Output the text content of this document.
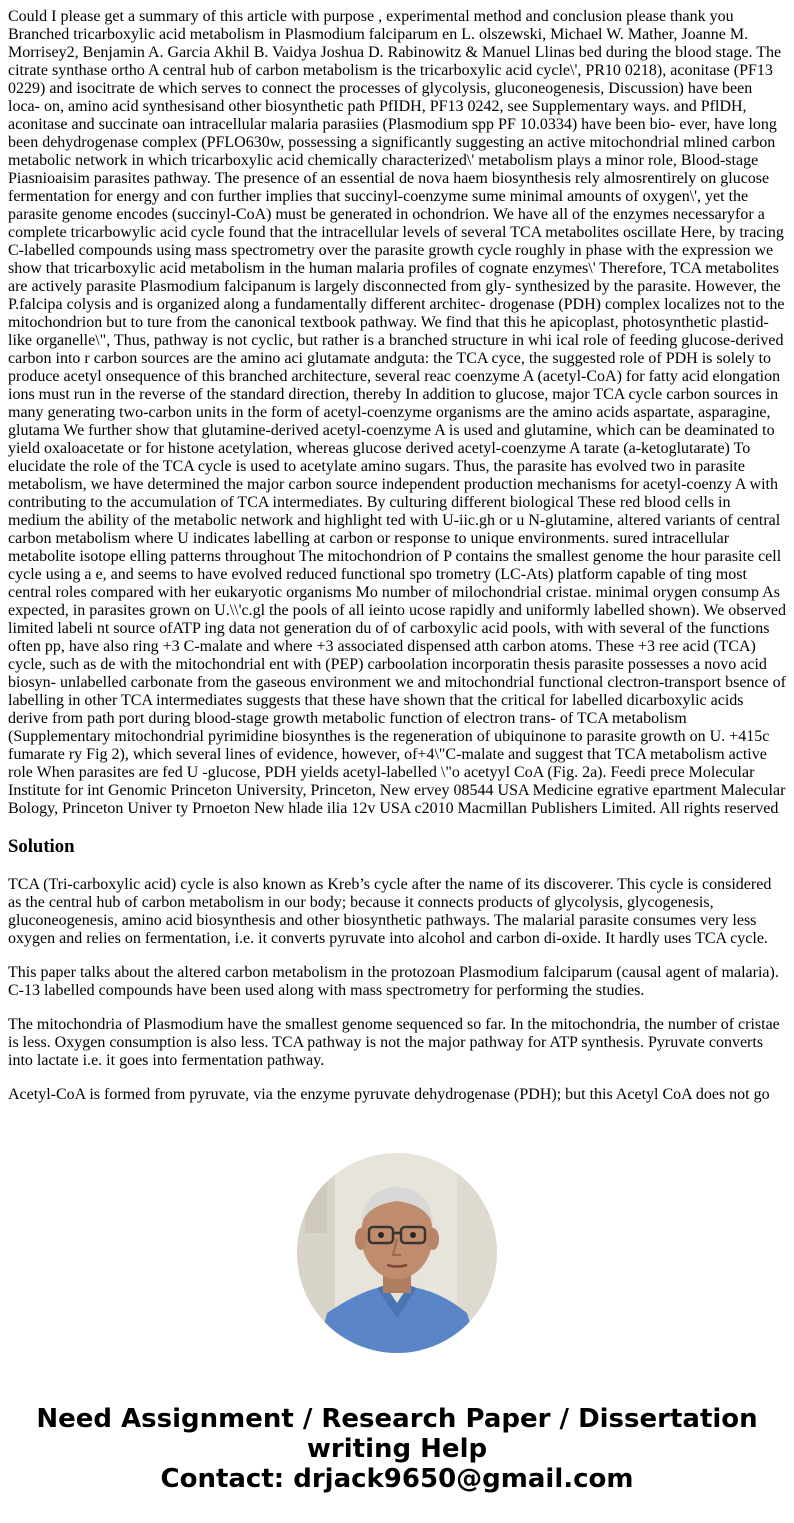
Could I please get a summary of this article with purpose , experimental method and conclusion please thank you Branched tricarboxylic acid metabolism in Plasmodium falciparum en L. olszewski, Michael W. Mather, Joanne M. Morrisey2, Benjamin A. Garcia Akhil B. Vaidya Joshua D. Rabinowitz & Manuel Llinas bed during the blood stage. The citrate synthase ortho A central hub of carbon metabolism is the tricarboxylic acid cycle\', PR10 0218), aconitase (PF13 0229) and isocitrate de which serves to connect the processes of glycolysis, gluconeogenesis, Discussion) have been loca- on, amino acid synthesisand other biosynthetic path PfIDH, PF13 0242, see Supplementary ways. and PflDH, aconitase and succinate oan intracellular malaria parasiies (Plasmodium spp PF 10.0334) have been bio- ever, have long been dehydrogenase complex (PFLO630w, possessing a significantly suggesting an active mitochondrial mlined carbon metabolic network in which tricarboxylic acid chemically characterized\' metabolism plays a minor role, Blood-stage Piasnioaisim parasites pathway. The presence of an essential de nova haem biosynthesis rely almosrentirely on glucose fermentation for energy and con further implies that succinyl-coenzyme sume minimal amounts of oxygen\', yet the parasite genome encodes (succinyl-CoA) must be generated in ochondrion. We have all of the enzymes necessaryfor a complete tricarbowylic acid cycle found that the intracellular levels of several TCA metabolites oscillate Here, by tracing C-labelled compounds using mass spectrometry over the parasite growth cycle roughly in phase with the expression we show that tricarboxylic acid metabolism in the human malaria profiles of cognate enzymes\' Therefore, TCA metabolites are actively parasite Plasmodium falcipanum is largely disconnected from gly- synthesized by the parasite. However, the P.falcipa colysis and is organized along a fundamentally different architec- drogenase (PDH) complex localizes not to the mitochondrion but to ture from the canonical textbook pathway. We find that this he apicoplast, photosynthetic plastid-like organelle\", Thus, pathway is not cyclic, but rather is a branched structure in whi ical role of feeding glucose-derived carbon into r carbon sources are the amino aci glutamate andguta: the TCA cyce, the suggested role of PDH is solely to produce acetyl onsequence of this branched architecture, several reac coenzyme A (acetyl-CoA) for fatty acid elongation ions must run in the reverse of the standard direction, thereby In addition to glucose, major TCA cycle carbon sources in many generating two-carbon units in the form of acetyl-coenzyme organisms are the amino acids aspartate, asparagine, glutama We further show that glutamine-derived acetyl-coenzyme A is used and glutamine, which can be deaminated to yield oxaloacetate or for histone acetylation, whereas glucose derived acetyl-coenzyme A tarate (a-ketoglutarate) To elucidate the role of the TCA cycle is used to acetylate amino sugars. Thus, the parasite has evolved two in parasite metabolism, we have determined the major carbon source independent production mechanisms for acetyl-coenzy A with contributing to the accumulation of TCA intermediates. By culturing different biological These red blood cells in medium the ability of the metabolic network and highlight ted with U-iic.gh or u N-glutamine, altered variants of central carbon metabolism where U indicates labelling at carbon or response to unique environments. sured intracellular metabolite isotope elling patterns throughout The mitochondrion of P contains the smallest genome the hour parasite cell cycle using a e, and seems to have evolved reduced functional spo trometry (LC-Ats) platform capable of ting most central roles compared with her eukaryotic organisms Mo number of milochondrial cristae. minimal orygen consump As expected, in parasites grown on U.\\'c.gl the pools of all ieinto ucose rapidly and uniformly labelled shown). We observed limited labeli nt source ofATP ing data not generation du of of carboxylic acid pools, with with several of the functions often pp, have also ring +3 C-malate and where +3 associated dispensed atth carbon atoms. These +3 ree acid (TCA) cycle, such as de with the mitochondrial ent with (PEP) carboolation incorporatin thesis parasite possesses a novo acid biosyn- unlabelled carbonate from the gaseous environment we and mitochondrial functional clectron-transport bsence of labelling in other TCA intermediates suggests that these have shown that the critical for labelled dicarboxylic acids derive from path port during blood-stage growth metabolic function of electron trans- of TCA metabolism (Supplementary mitochondrial pyrimidine biosynthes is the regeneration of ubiquinone to parasite growth on U. +415c fumarate ry Fig 2), which several lines of evidence, however, of+4\"C-malate and suggest that TCA metabolism active role When parasites are fed U -glucose, PDH yields acetyl-labelled \"o acetyyl CoA (Fig. 2a). Feedi prece Molecular Institute for int Genomic Princeton University, Princeton, New ervey 08544 USA Medicine egrative epartment Malecular Bology, Princeton Univer ty Prnoeton New hlade ilia 12v USA c2010 Macmillan Publishers Limited. All rights reserved

Solution

TCA (Tri-carboxylic acid) cycle is also known as Kreb’s cycle after the name of its discoverer. This cycle is considered as the central hub of carbon metabolism in our body; because it connects products of glycolysis, glycogenesis, gluconeogenesis, amino acid biosynthesis and other biosynthetic pathways. The malarial parasite consumes very less oxygen and relies on fermentation, i.e. it converts pyruvate into alcohol and carbon di-oxide. It hardly uses TCA cycle.

This paper talks about the altered carbon metabolism in the protozoan Plasmodium falciparum (causal agent of malaria). C-13 labelled compounds have been used along with mass spectrometry for performing the studies.

The mitochondria of Plasmodium have the smallest genome sequenced so far. In the mitochondria, the number of cristae is less. Oxygen consumption is also less. TCA pathway is not the major pathway for ATP synthesis. Pyruvate converts into lactate i.e. it goes into fermentation pathway.

Acetyl-CoA is formed from pyruvate, via the enzyme pyruvate dehydrogenase (PDH); but this Acetyl CoA does not go

Need Assignment / Research Paper / Dissertation
writing Help
Contact: drjack9650@gmail.com
